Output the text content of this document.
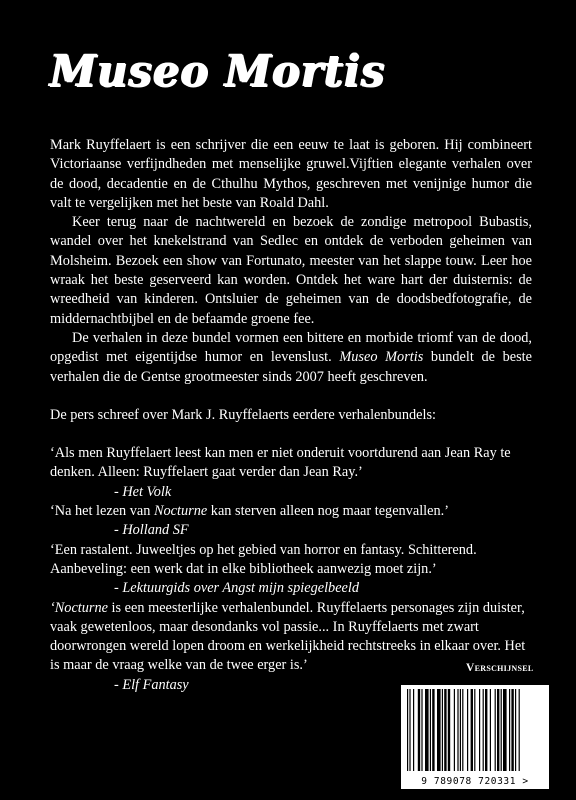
Museo Mortis

Mark Ruyffelaert is een schrijver die een eeuw te laat is geboren. Hij combineert Victoriaanse verfijndheden met menselijke gruwel.Vijftien elegante verhalen over de dood, decadentie en de Cthulhu Mythos, geschreven met venijnige humor die valt te vergelijken met het beste van Roald Dahl.

Keer terug naar de nachtwereld en bezoek de zondige metropool Bubastis, wandel over het knekelstrand van Sedlec en ontdek de verboden geheimen van Molsheim. Bezoek een show van Fortunato, meester van het slappe touw. Leer hoe wraak het beste geserveerd kan worden. Ontdek het ware hart der duisternis: de wreedheid van kinderen. Ontsluier de geheimen van de doodsbedfotografie, de middernachtbijbel en de befaamde groene fee.

De verhalen in deze bundel vormen een bittere en morbide triomf van de dood, opgedist met eigentijdse humor en levenslust. Museo Mortis bundelt de beste verhalen die de Gentse grootmeester sinds 2007 heeft geschreven.

De pers schreef over Mark J. Ruyffelaerts eerdere verhalenbundels:

‘Als men Ruyffelaert leest kan men er niet onderuit voortdurend aan Jean Ray te denken. Alleen: Ruyffelaert gaat verder dan Jean Ray.’

- Het Volk

‘Na het lezen van Nocturne kan sterven alleen nog maar tegenvallen.’

- Holland SF

‘Een rastalent. Juweeltjes op het gebied van horror en fantasy. Schitterend. Aanbeveling: een werk dat in elke bibliotheek aanwezig moet zijn.’

- Lektuurgids over Angst mijn spiegelbeeld

‘Nocturne is een meesterlijke verhalenbundel. Ruyffelaerts personages zijn duister, vaak gewetenloos, maar desondanks vol passie... In Ruyffelaerts met zwart doorwrongen wereld lopen droom en werkelijkheid rechtstreeks in elkaar over. Het is maar de vraag welke van de twee erger is.’

- Elf Fantasy

Verschijnsel
9 789078 720331 >
